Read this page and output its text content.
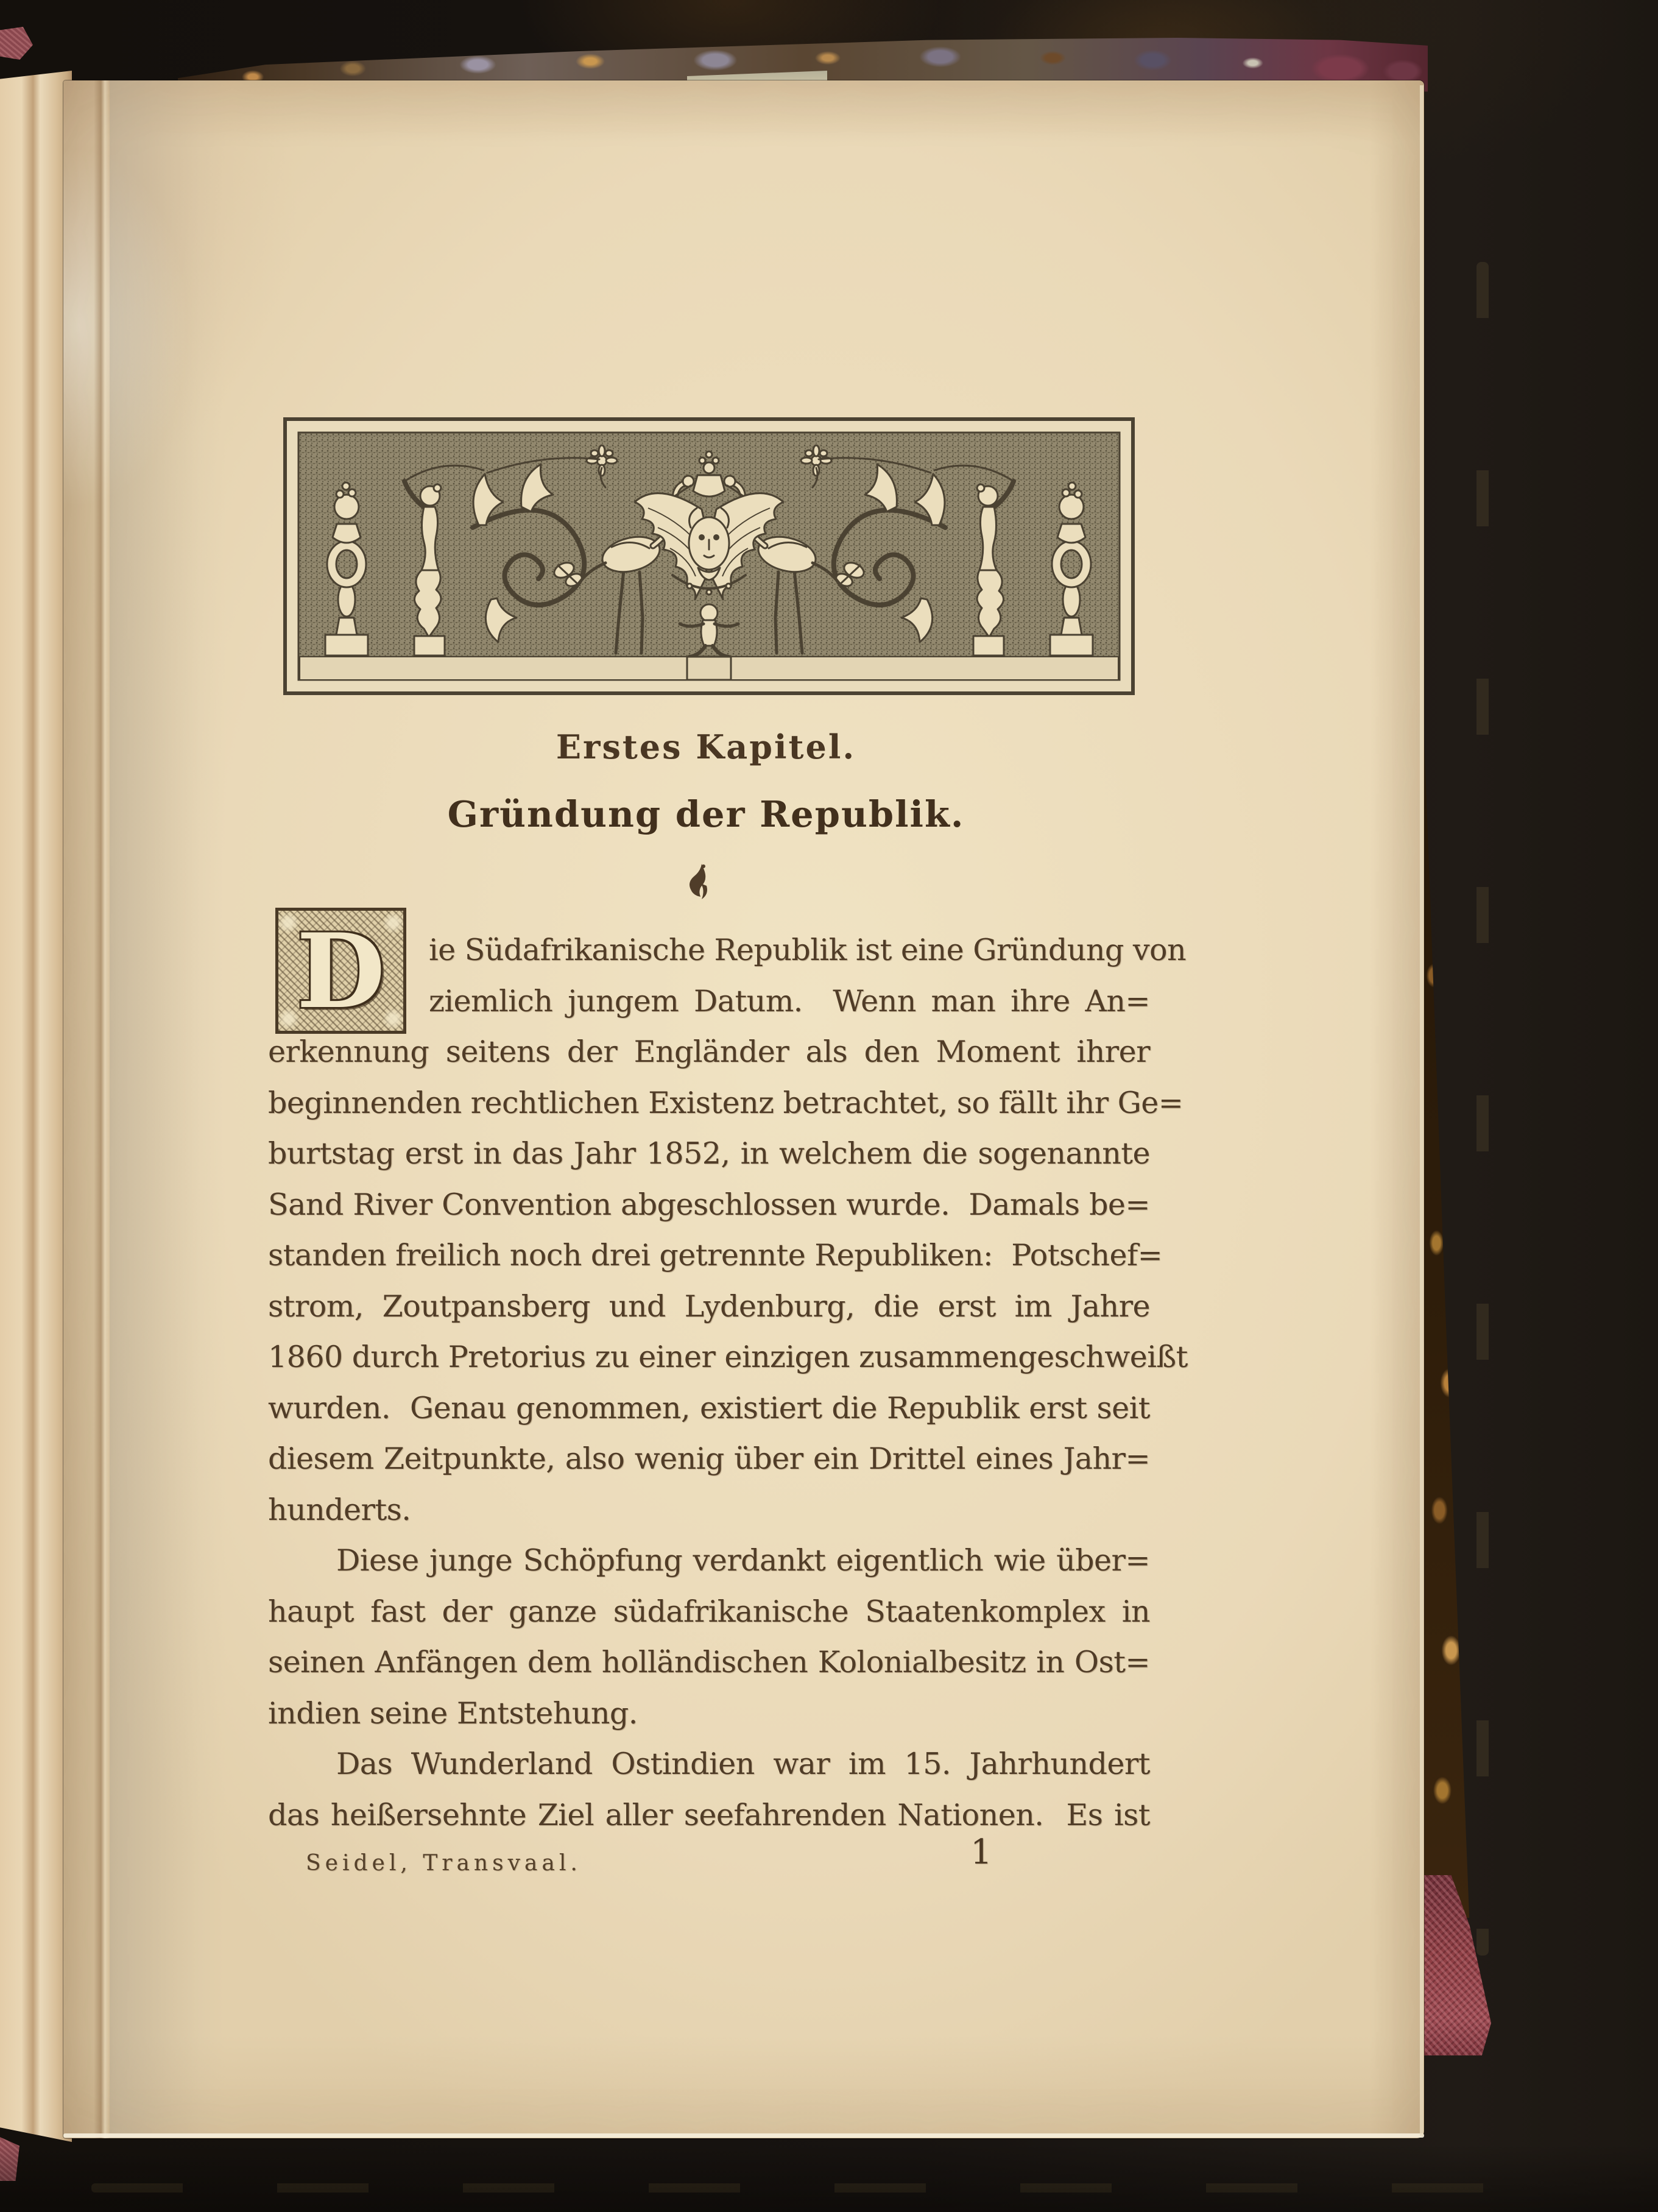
Erstes Kapitel.
Gründung der Republik.
D	ie Südafrikanische Republik ist eine Gründung von
ziemlich jungem Datum.  Wenn man ihre An=
erkennung seitens der Engländer als den Moment ihrer
beginnenden rechtlichen Existenz betrachtet, so fällt ihr Ge=
burtstag erst in das Jahr 1852, in welchem die sogenannte
Sand River Convention abgeschlossen wurde.  Damals be=
standen freilich noch drei getrennte Republiken:  Potschef=
strom, Zoutpansberg und Lydenburg, die erst im Jahre
1860 durch Pretorius zu einer einzigen zusammengeschweißt
wurden.  Genau genommen, existiert die Republik erst seit
diesem Zeitpunkte, also wenig über ein Drittel eines Jahr=
hunderts.
Diese junge Schöpfung verdankt eigentlich wie über=
haupt fast der ganze südafrikanische Staatenkomplex in
seinen Anfängen dem holländischen Kolonialbesitz in Ost=
indien seine Entstehung.
Das Wunderland Ostindien war im 15. Jahrhundert
das heißersehnte Ziel aller seefahrenden Nationen.  Es ist
Seidel, Transvaal.	1
